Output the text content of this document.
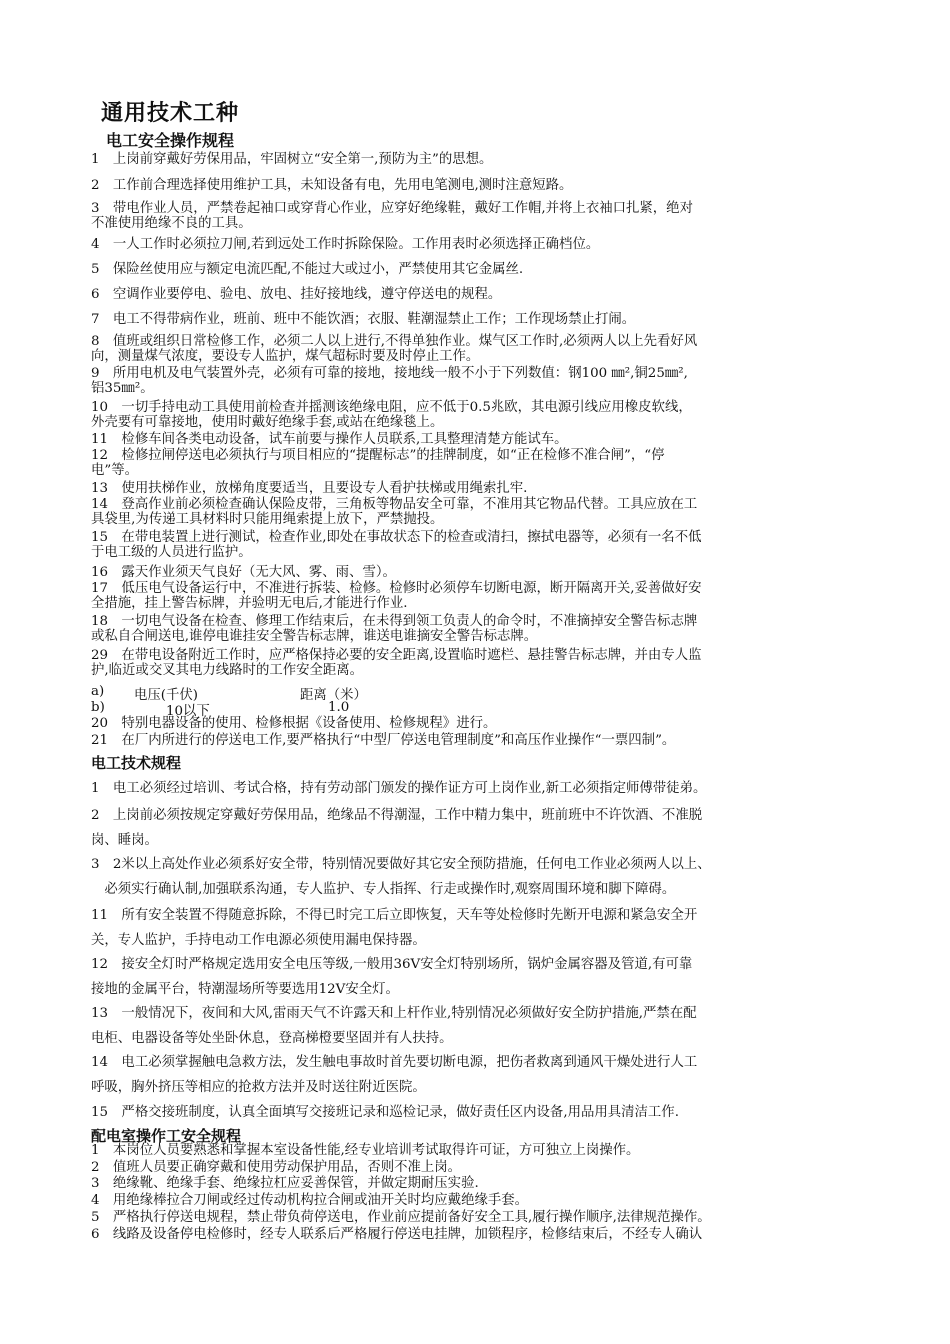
通用技术工种
电工安全操作规程
1　上岗前穿戴好劳保用品，牢固树立“安全第一,预防为主”的思想。
2　工作前合理选择使用维护工具，未知设备有电，先用电笔测电,测时注意短路。
3　带电作业人员，严禁卷起袖口或穿背心作业，应穿好绝缘鞋，戴好工作帽,并将上衣袖口扎紧，绝对
不准使用绝缘不良的工具。
4　一人工作时必须拉刀闸,若到远处工作时拆除保险。工作用表时必须选择正确档位。
5　保险丝使用应与额定电流匹配,不能过大或过小，严禁使用其它金属丝.
6　空调作业要停电、验电、放电、挂好接地线，遵守停送电的规程。
7　电工不得带病作业，班前、班中不能饮酒；衣服、鞋潮湿禁止工作；工作现场禁止打闹。
8　值班或组织日常检修工作，必须二人以上进行,不得单独作业。煤气区工作时,必须两人以上先看好风
向，测量煤气浓度，要设专人监护，煤气超标时要及时停止工作。
9　所用电机及电气装置外壳，必须有可靠的接地，接地线一般不小于下列数值：钢100 ㎜²,铜25㎜²,
铝35㎜²。
10　一切手持电动工具使用前检查并摇测该绝缘电阻，应不低于0.5兆欧，其电源引线应用橡皮软线，
外壳要有可靠接地，使用时戴好绝缘手套,或站在绝缘毯上。
11　检修车间各类电动设备，试车前要与操作人员联系,工具整理清楚方能试车。
12　检修拉闸停送电必须执行与项目相应的“提醒标志”的挂牌制度，如“正在检修不准合闸”，“停
电”等。
13　使用扶梯作业，放梯角度要适当，且要设专人看护扶梯或用绳索扎牢.
14　登高作业前必须检查确认保险皮带，三角板等物品安全可靠，不准用其它物品代替。工具应放在工
具袋里,为传递工具材料时只能用绳索提上放下，严禁抛投。
15　在带电装置上进行测试，检查作业,即处在事故状态下的检查或清扫，擦拭电器等，必须有一名不低
于电工级的人员进行监护。
16　露天作业须天气良好（无大风、雾、雨、雪）。
17　低压电气设备运行中，不准进行拆装、检修。检修时必须停车切断电源，断开隔离开关,妥善做好安
全措施，挂上警告标牌，并验明无电后,才能进行作业.
18　一切电气设备在检查、修理工作结束后，在未得到领工负责人的命令时，不准摘掉安全警告标志牌
或私自合闸送电,谁停电谁挂安全警告标志牌，谁送电谁摘安全警告标志牌。
29　在带电设备附近工作时，应严格保持必要的安全距离,设置临时遮栏、悬挂警告标志牌，并由专人监
护,临近或交叉其电力线路时的工作安全距离。
a) 电压(千伏)	距离（米）
b)	10以下	1.0
20　特别电器设备的使用、检修根据《设备使用、检修规程》进行。
21　在厂内所进行的停送电工作,要严格执行“中型厂停送电管理制度”和高压作业操作“一票四制”。
电工技术规程
1　电工必须经过培训、考试合格，持有劳动部门颁发的操作证方可上岗作业,新工必须指定师傅带徒弟。
2　上岗前必须按规定穿戴好劳保用品，绝缘品不得潮湿，工作中精力集中，班前班中不许饮酒、不准脱
岗、睡岗。
3　2米以上高处作业必须系好安全带，特别情况要做好其它安全预防措施，任何电工作业必须两人以上、
　必须实行确认制,加强联系沟通，专人监护、专人指挥、行走或操作时,观察周围环境和脚下障碍。
11　所有安全装置不得随意拆除，不得已时完工后立即恢复，天车等处检修时先断开电源和紧急安全开
关，专人监护，手持电动工作电源必须使用漏电保持器。
12　接安全灯时严格规定选用安全电压等级,一般用36V安全灯特别场所，锅炉金属容器及管道,有可靠
接地的金属平台，特潮湿场所等要选用12V安全灯。
13　一般情况下，夜间和大风,雷雨天气不许露天和上杆作业,特别情况必须做好安全防护措施,严禁在配
电柜、电器设备等处坐卧休息，登高梯橙要坚固并有人扶持。
14　电工必须掌握触电急救方法，发生触电事故时首先要切断电源，把伤者救离到通风干燥处进行人工
呼吸，胸外挤压等相应的抢救方法并及时送往附近医院。
15　严格交接班制度，认真全面填写交接班记录和巡检记录，做好责任区内设备,用品用具清洁工作.
配电室操作工安全规程
1　本岗位人员要熟悉和掌握本室设备性能,经专业培训考试取得许可证，方可独立上岗操作。
2　值班人员要正确穿戴和使用劳动保护用品，否则不准上岗。
3　绝缘靴、绝缘手套、绝缘拉杠应妥善保管，并做定期耐压实验.
4　用绝缘棒拉合刀闸或经过传动机构拉合闸或油开关时均应戴绝缘手套。
5　严格执行停送电规程，禁止带负荷停送电，作业前应提前备好安全工具,履行操作顺序,法律规范操作。
6　线路及设备停电检修时，经专人联系后严格履行停送电挂牌，加锁程序，检修结束后，不经专人确认
